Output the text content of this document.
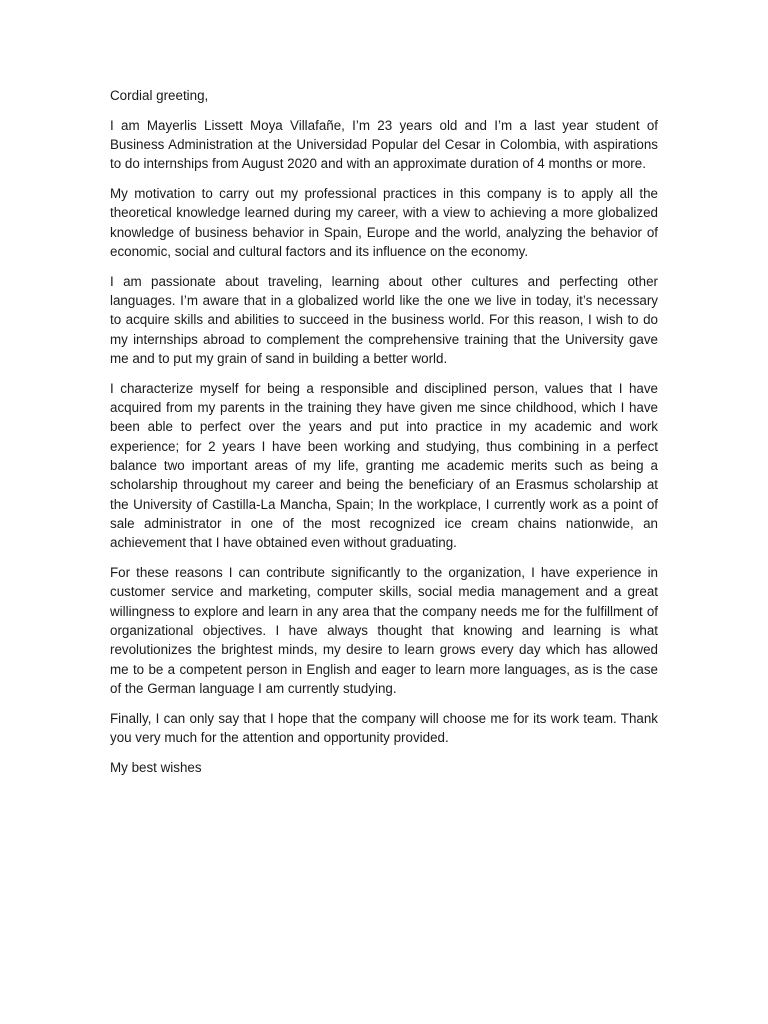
Cordial greeting,

I am Mayerlis Lissett Moya Villafañe, I’m 23 years old and I’m a last year student of Business Administration at the Universidad Popular del Cesar in Colombia, with aspirations to do internships from August 2020 and with an approximate duration of 4 months or more.

My motivation to carry out my professional practices in this company is to apply all the theoretical knowledge learned during my career, with a view to achieving a more globalized knowledge of business behavior in Spain, Europe and the world, analyzing the behavior of economic, social and cultural factors and its influence on the economy.

I am passionate about traveling, learning about other cultures and perfecting other languages. I’m aware that in a globalized world like the one we live in today, it’s necessary to acquire skills and abilities to succeed in the business world. For this reason, I wish to do my internships abroad to complement the comprehensive training that the University gave me and to put my grain of sand in building a better world.

I characterize myself for being a responsible and disciplined person, values that I have acquired from my parents in the training they have given me since childhood, which I have been able to perfect over the years and put into practice in my academic and work experience; for 2 years I have been working and studying, thus combining in a perfect balance two important areas of my life, granting me academic merits such as being a scholarship throughout my career and being the beneficiary of an Erasmus scholarship at the University of Castilla-La Mancha, Spain; In the workplace, I currently work as a point of sale administrator in one of the most recognized ice cream chains nationwide, an achievement that I have obtained even without graduating.

For these reasons I can contribute significantly to the organization, I have experience in customer service and marketing, computer skills, social media management and a great willingness to explore and learn in any area that the company needs me for the fulfillment of organizational objectives. I have always thought that knowing and learning is what revolutionizes the brightest minds, my desire to learn grows every day which has allowed me to be a competent person in English and eager to learn more languages, as is the case of the German language I am currently studying.

Finally, I can only say that I hope that the company will choose me for its work team. Thank you very much for the attention and opportunity provided.

My best wishes
